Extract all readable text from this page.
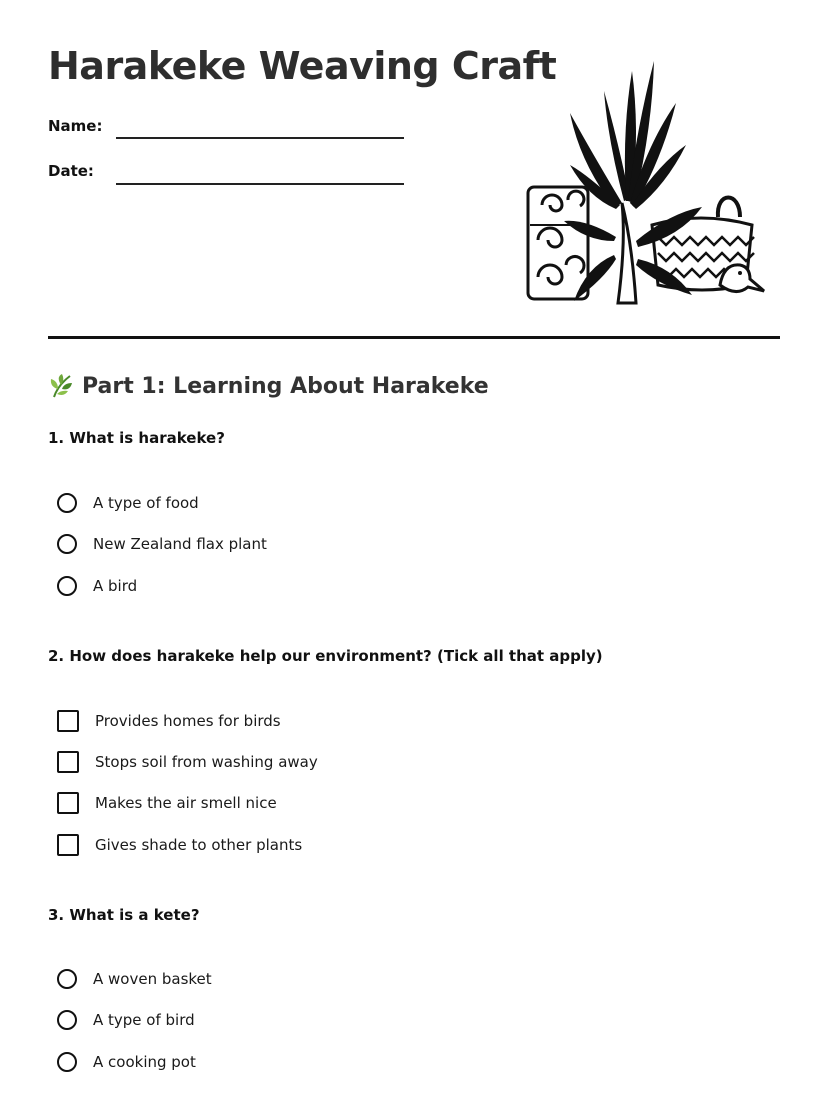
Harakeke Weaving Craft
Name:
Date:
Part 1: Learning About Harakeke

1. What is harakeke?

A type of food
New Zealand flax plant
A bird

2. How does harakeke help our environment? (Tick all that apply)

Provides homes for birds
Stops soil from washing away
Makes the air smell nice
Gives shade to other plants

3. What is a kete?

A woven basket
A type of bird
A cooking pot
